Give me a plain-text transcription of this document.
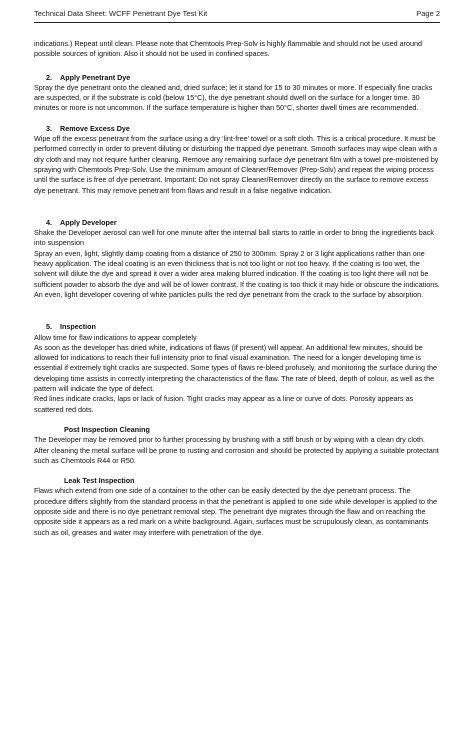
Technical Data Sheet: WCFF Penetrant Dye Test Kit	Page 2

indications.) Repeat until clean. Please note that Chemtools Prep-Solv is highly flammable and should not be used around possible sources of ignition. Also it should not be used in confined spaces.

2. Apply Penetrant Dye

Spray the dye penetrant onto the cleaned and, dried surface; let it stand for 15 to 30 minutes or more. If especially fine cracks are suspected, or if the substrate is cold (below 15°C), the dye penetrant should dwell on the surface for a longer time. 30 minutes or more is not uncommon. If the surface temperature is higher than 50°C, shorter dwell times are recommended.

3. Remove Excess Dye

Wipe off the excess penetrant from the surface using a dry ‘lint-free’ towel or a soft cloth. This is a critical procedure. It must be performed correctly in order to prevent diluting or disturbing the trapped dye penetrant. Smooth surfaces may wipe clean with a dry cloth and may not require further cleaning. Remove any remaining surface dye penetrant film with a towel pre-moistened by spraying with Chemtools Prep-Solv. Use the minimum amount of Cleaner/Remover (Prep-Solv) and repeat the wiping process until the surface is free of dye penetrant. Important: Do not spray Cleaner/Remover directly on the surface to remove excess dye penetrant. This may remove penetrant from flaws and result in a false negative indication.

4. Apply Developer

Shake the Developer aerosol can well for one minute after the internal ball starts to rattle in order to bring the ingredients back into suspension

Spray an even, light, slightly damp coating from a distance of 250 to 300mm. Spray 2 or 3 light applications rather than one heavy application. The ideal coating is an even thickness that is not too light or not too heavy. If the coating is too wet, the solvent will dilute the dye and spread it over a wider area making blurred indication. If the coating is too light there will not be sufficient powder to absorb the dye and will be of lower contrast. If the coating is too thick it may hide or obscure the indications.

An even, light developer covering of white particles pulls the red dye penetrant from the crack to the surface by absorption.

5. Inspection

Allow time for flaw indications to appear completely

As soon as the developer has dried white, indications of flaws (if present) will appear. An additional few minutes, should be allowed for indications to reach their full intensity prior to final visual examination. The need for a longer developing time is essential if extremely tight cracks are suspected. Some types of flaws re-bleed profusely, and monitoring the surface during the developing time assists in correctly interpreting the characteristics of the flaw. The rate of bleed, depth of colour, as well as the pattern will indicate the type of defect.

Red lines indicate cracks, laps or lack of fusion. Tight cracks may appear as a line or curve of dots. Porosity appears as scattered red dots.

Post Inspection Cleaning

The Developer may be removed prior to further processing by brushing with a stiff brush or by wiping with a clean dry cloth.

After cleaning the metal surface will be prone to rusting and corrosion and should be protected by applying a suitable protectant such as Chemtools R44 or R50.

Leak Test Inspection

Flaws which extend from one side of a container to the other can be easily detected by the dye penetrant process. The procedure differs slightly from the standard process in that the penetrant is applied to one side while developer is applied to the opposite side and there is no dye penetrant removal step. The penetrant dye migrates through the flaw and on reaching the opposite side it appears as a red mark on a white background. Again, surfaces must be scrupulously clean, as contaminants such as oil, greases and water may interfere with penetration of the dye.
